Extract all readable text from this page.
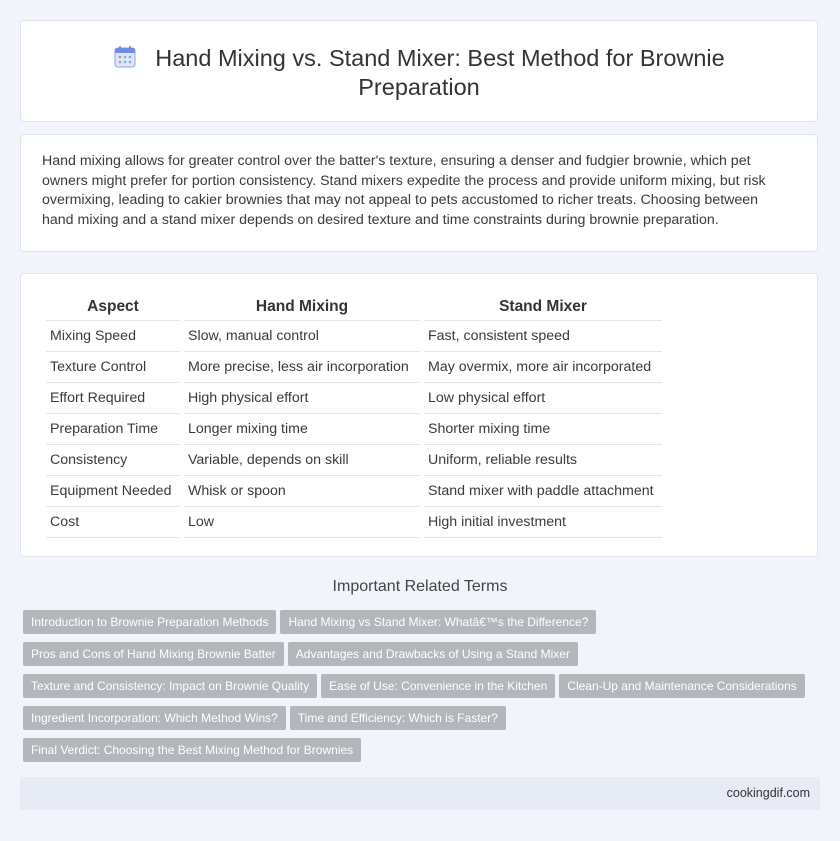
Hand Mixing vs. Stand Mixer: Best Method for Brownie Preparation
Hand mixing allows for greater control over the batter's texture, ensuring a denser and fudgier brownie, which pet owners might prefer for portion consistency. Stand mixers expedite the process and provide uniform mixing, but risk overmixing, leading to cakier brownies that may not appeal to pets accustomed to richer treats. Choosing between hand mixing and a stand mixer depends on desired texture and time constraints during brownie preparation.
Aspect	Hand Mixing	Stand Mixer
Mixing Speed	Slow, manual control	Fast, consistent speed
Texture Control	More precise, less air incorporation	May overmix, more air incorporated
Effort Required	High physical effort	Low physical effort
Preparation Time	Longer mixing time	Shorter mixing time
Consistency	Variable, depends on skill	Uniform, reliable results
Equipment Needed	Whisk or spoon	Stand mixer with paddle attachment
Cost	Low	High initial investment
Important Related Terms
Introduction to Brownie Preparation Methods Hand Mixing vs Stand Mixer: Whatâ€™s the Difference?
Pros and Cons of Hand Mixing Brownie Batter Advantages and Drawbacks of Using a Stand Mixer
Texture and Consistency: Impact on Brownie Quality Ease of Use: Convenience in the Kitchen Clean-Up and Maintenance Considerations
Ingredient Incorporation: Which Method Wins? Time and Efficiency: Which is Faster?
Final Verdict: Choosing the Best Mixing Method for Brownies
cookingdif.com
